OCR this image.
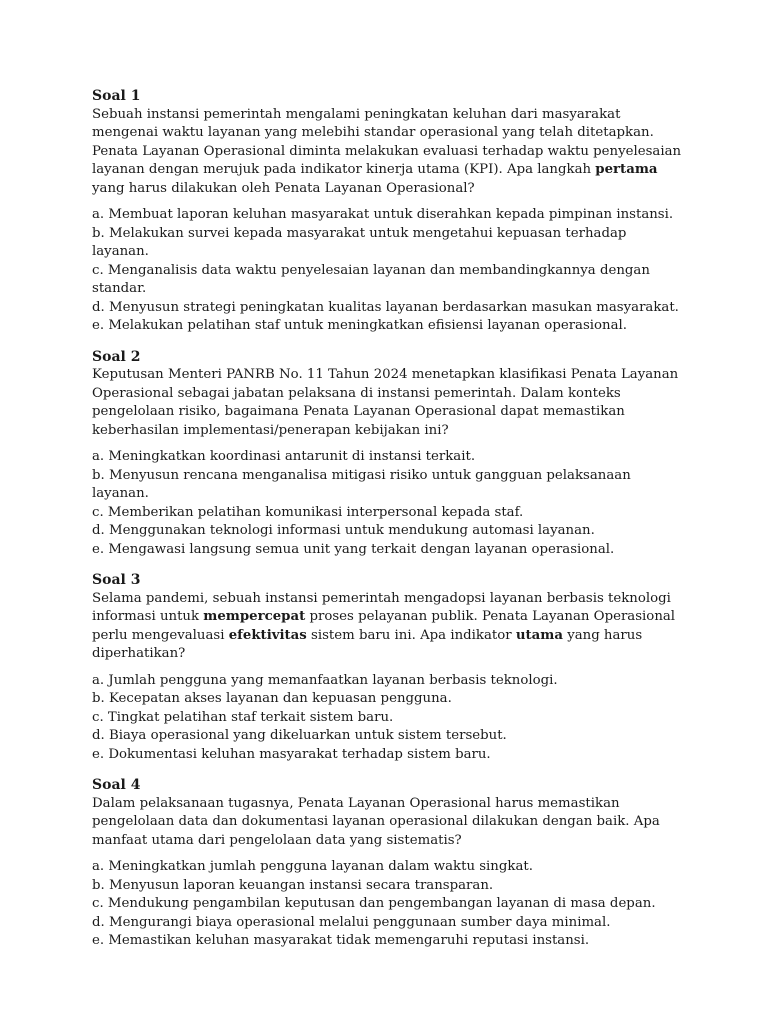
Soal 1

Sebuah instansi pemerintah mengalami peningkatan keluhan dari masyarakat mengenai waktu layanan yang melebihi standar operasional yang telah ditetapkan. Penata Layanan Operasional diminta melakukan evaluasi terhadap waktu penyelesaian layanan dengan merujuk pada indikator kinerja utama (KPI). Apa langkah pertama yang harus dilakukan oleh Penata Layanan Operasional?

a. Membuat laporan keluhan masyarakat untuk diserahkan kepada pimpinan instansi.
b. Melakukan survei kepada masyarakat untuk mengetahui kepuasan terhadap layanan.
c. Menganalisis data waktu penyelesaian layanan dan membandingkannya dengan standar.
d. Menyusun strategi peningkatan kualitas layanan berdasarkan masukan masyarakat.
e. Melakukan pelatihan staf untuk meningkatkan efisiensi layanan operasional.
Soal 2

Keputusan Menteri PANRB No. 11 Tahun 2024 menetapkan klasifikasi Penata Layanan Operasional sebagai jabatan pelaksana di instansi pemerintah. Dalam konteks pengelolaan risiko, bagaimana Penata Layanan Operasional dapat memastikan keberhasilan implementasi/penerapan kebijakan ini?

a. Meningkatkan koordinasi antarunit di instansi terkait.
b. Menyusun rencana menganalisa mitigasi risiko untuk gangguan pelaksanaan layanan.
c. Memberikan pelatihan komunikasi interpersonal kepada staf.
d. Menggunakan teknologi informasi untuk mendukung automasi layanan.
e. Mengawasi langsung semua unit yang terkait dengan layanan operasional.
Soal 3

Selama pandemi, sebuah instansi pemerintah mengadopsi layanan berbasis teknologi informasi untuk mempercepat proses pelayanan publik. Penata Layanan Operasional perlu mengevaluasi efektivitas sistem baru ini. Apa indikator utama yang harus diperhatikan?

a. Jumlah pengguna yang memanfaatkan layanan berbasis teknologi.
b. Kecepatan akses layanan dan kepuasan pengguna.
c. Tingkat pelatihan staf terkait sistem baru.
d. Biaya operasional yang dikeluarkan untuk sistem tersebut.
e. Dokumentasi keluhan masyarakat terhadap sistem baru.
Soal 4

Dalam pelaksanaan tugasnya, Penata Layanan Operasional harus memastikan pengelolaan data dan dokumentasi layanan operasional dilakukan dengan baik. Apa manfaat utama dari pengelolaan data yang sistematis?

a. Meningkatkan jumlah pengguna layanan dalam waktu singkat.
b. Menyusun laporan keuangan instansi secara transparan.
c. Mendukung pengambilan keputusan dan pengembangan layanan di masa depan.
d. Mengurangi biaya operasional melalui penggunaan sumber daya minimal.
e. Memastikan keluhan masyarakat tidak memengaruhi reputasi instansi.
